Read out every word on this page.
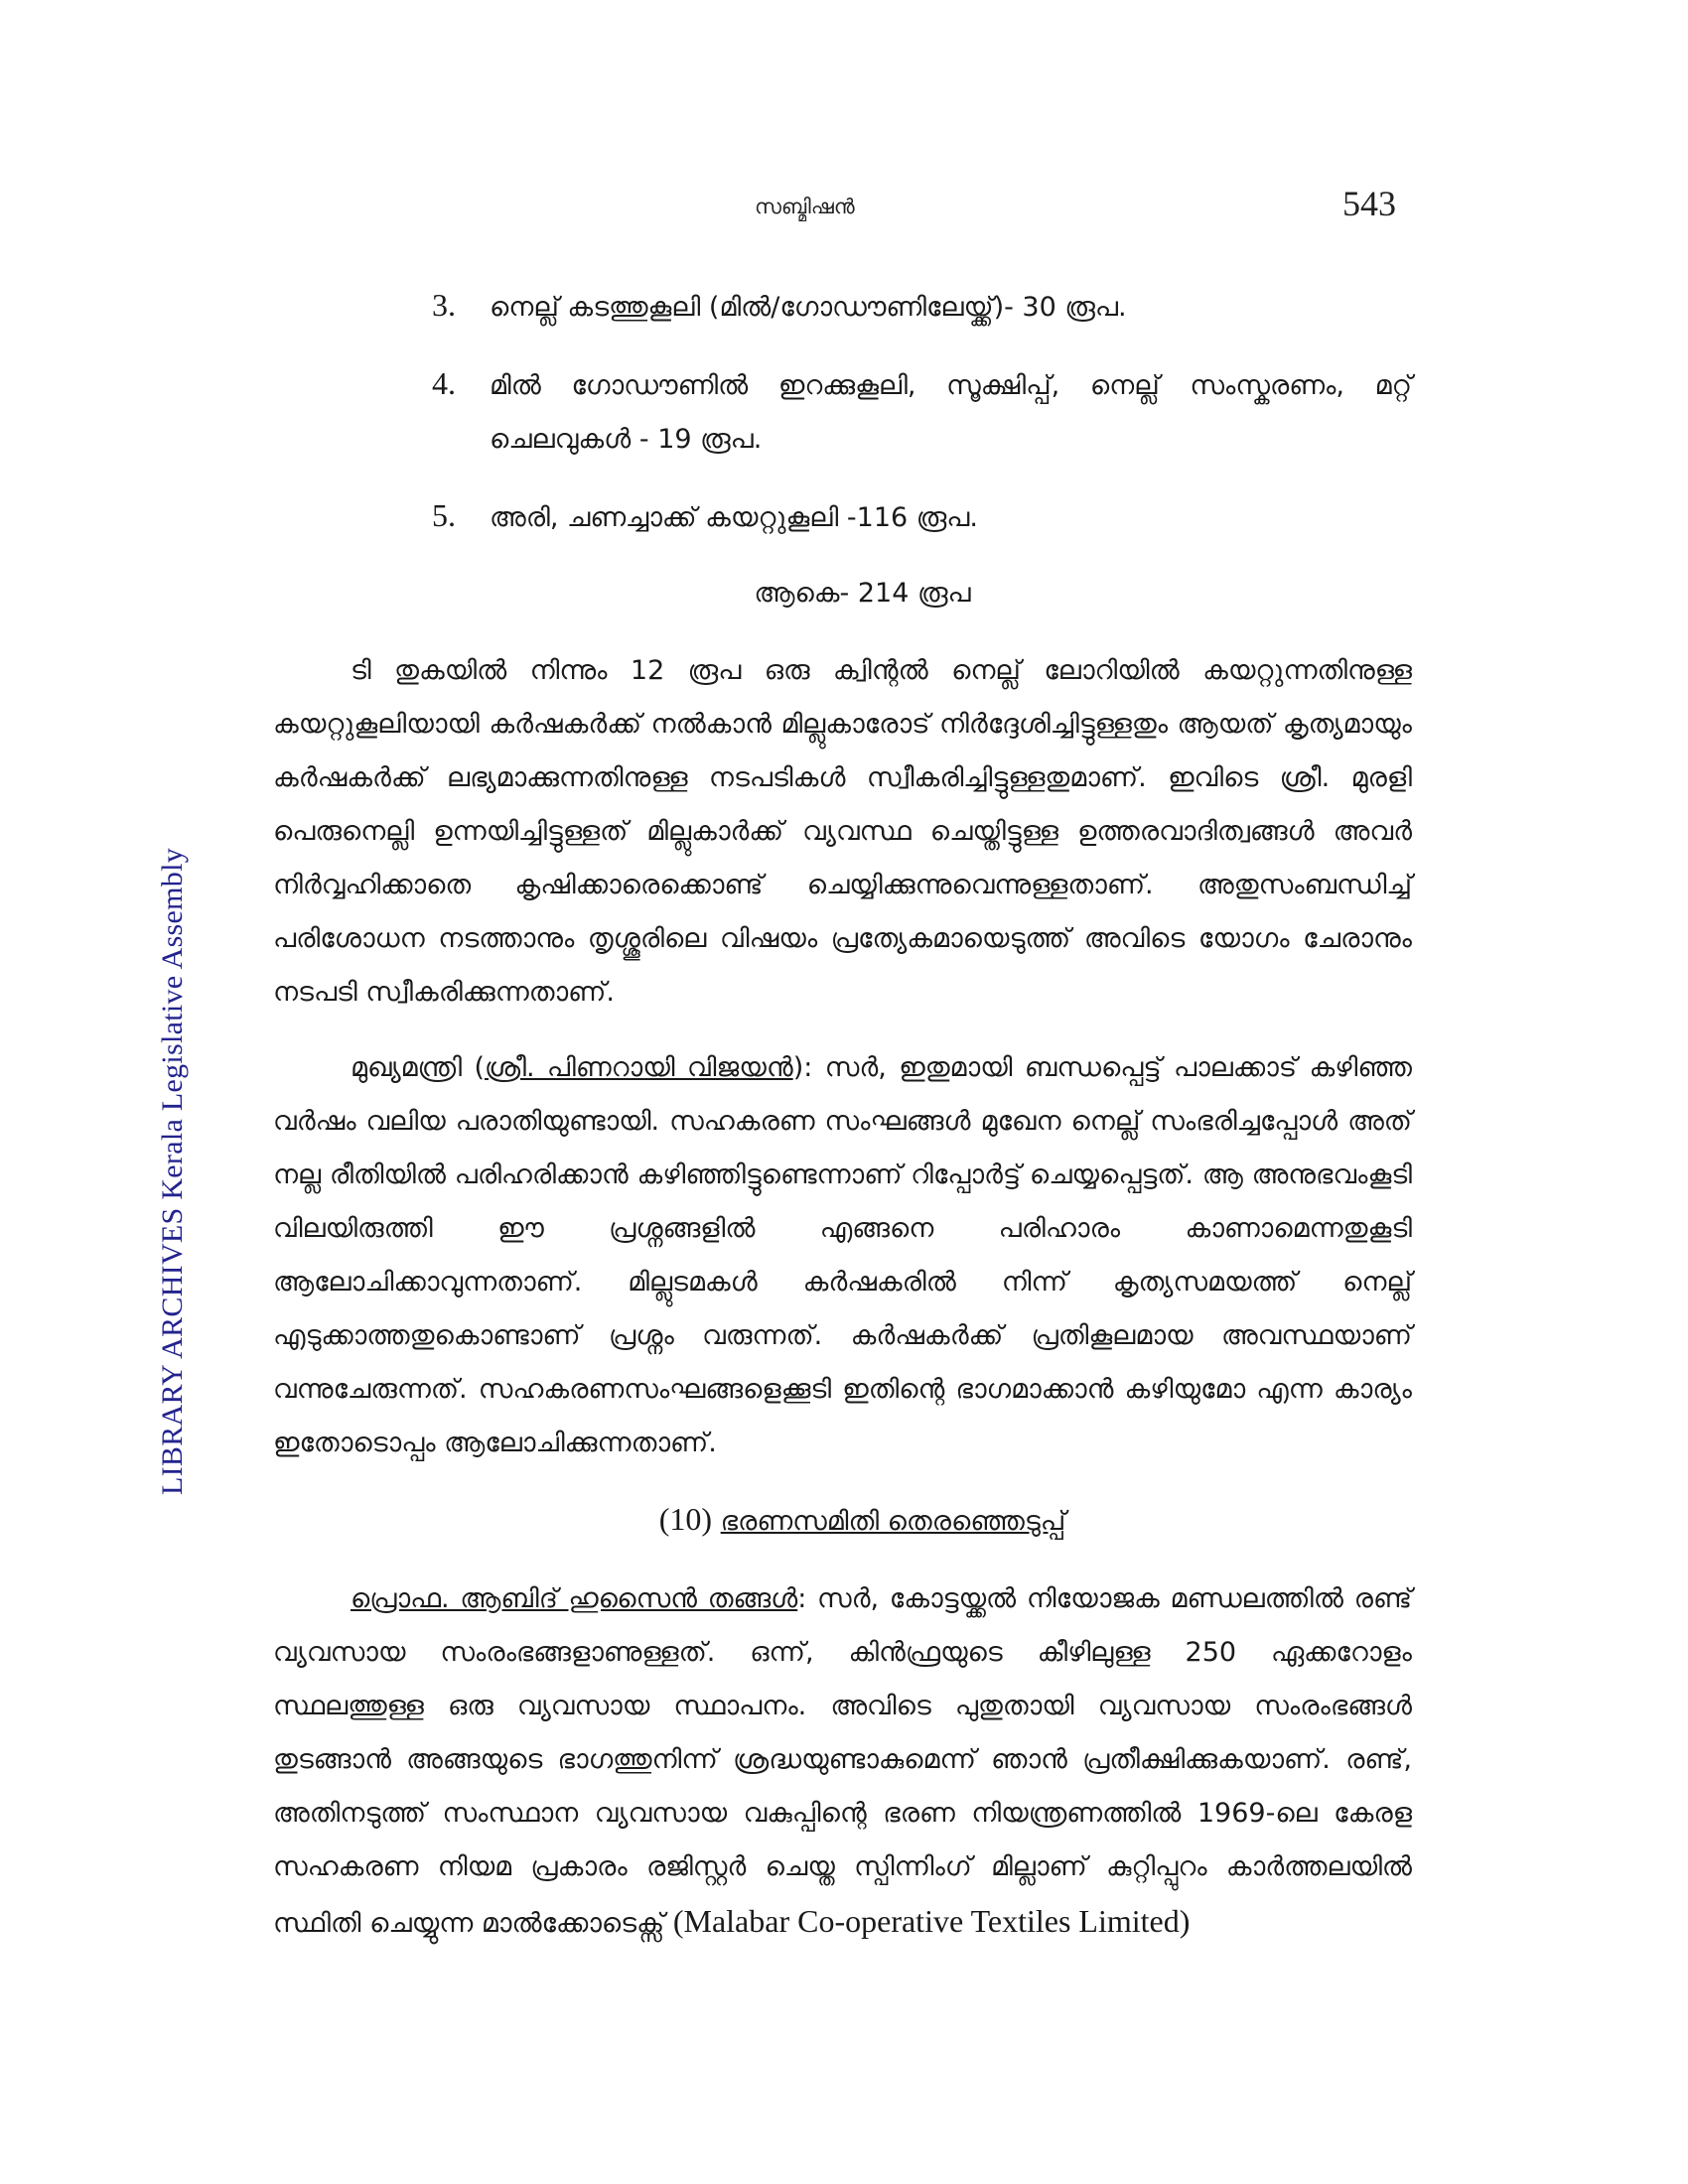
LIBRARY ARCHIVES Kerala Legislative Assembly
സബ്മിഷൻ	543
3.	നെല്ല് കടത്തുകൂലി (മിൽ/ഗോഡൗണിലേയ്ക്ക്)- 30 രൂപ.
4.	മിൽ ഗോഡൗണിൽ ഇറക്കുകൂലി, സൂക്ഷിപ്പ്, നെല്ല് സംസ്കരണം, മറ്റ് ചെലവുകൾ - 19 രൂപ.
5.	അരി, ചണച്ചാക്ക് കയറ്റുകൂലി -116 രൂപ.
ആകെ- 214 രൂപ

ടി തുകയിൽ നിന്നും 12 രൂപ ഒരു ക്വിന്റൽ നെല്ല് ലോറിയിൽ കയറ്റുന്നതിനുള്ള കയറ്റുകൂലിയായി കർഷകർക്ക് നൽകാൻ മില്ലുകാരോട് നിർദ്ദേശിച്ചിട്ടുള്ളതും ആയത് കൃത്യമായും കർഷകർക്ക് ലഭ്യമാക്കുന്നതിനുള്ള നടപടികൾ സ്വീകരിച്ചിട്ടുള്ളതുമാണ്. ഇവിടെ ശ്രീ. മുരളി പെരുനെല്ലി ഉന്നയിച്ചിട്ടുള്ളത് മില്ലുകാർക്ക് വ്യവസ്ഥ ചെയ്തിട്ടുള്ള ഉത്തരവാദിത്വങ്ങൾ അവർ നിർവ്വഹിക്കാതെ കൃഷിക്കാരെക്കൊണ്ട് ചെയ്യിക്കുന്നുവെന്നുള്ളതാണ്. അതുസംബന്ധിച്ച് പരിശോധന നടത്താനും തൃശ്ശൂരിലെ വിഷയം പ്രത്യേകമായെടുത്ത് അവിടെ യോഗം ചേരാനും നടപടി സ്വീകരിക്കുന്നതാണ്.

മുഖ്യമന്ത്രി (ശ്രീ. പിണറായി വിജയൻ): സർ, ഇതുമായി ബന്ധപ്പെട്ട് പാലക്കാട് കഴിഞ്ഞ വർഷം വലിയ പരാതിയുണ്ടായി. സഹകരണ സംഘങ്ങൾ മുഖേന നെല്ല് സംഭരിച്ചപ്പോൾ അത് നല്ല രീതിയിൽ പരിഹരിക്കാൻ കഴിഞ്ഞിട്ടുണ്ടെന്നാണ് റിപ്പോർട്ട് ചെയ്യപ്പെട്ടത്. ആ അനുഭവംകൂടി വിലയിരുത്തി ഈ പ്രശ്നങ്ങളിൽ എങ്ങനെ പരിഹാരം കാണാമെന്നതുകൂടി ആലോചിക്കാവുന്നതാണ്. മില്ലുടമകൾ കർഷകരിൽ നിന്ന് കൃത്യസമയത്ത് നെല്ല് എടുക്കാത്തതുകൊണ്ടാണ് പ്രശ്നം വരുന്നത്. കർഷകർക്ക് പ്രതികൂലമായ അവസ്ഥയാണ് വന്നുചേരുന്നത്. സഹകരണസംഘങ്ങളെക്കൂടി ഇതിന്റെ ഭാഗമാക്കാൻ കഴിയുമോ എന്ന കാര്യം ഇതോടൊപ്പം ആലോചിക്കുന്നതാണ്.

(10) ഭരണസമിതി തെരഞ്ഞെടുപ്പ്

പ്രൊഫ. ആബിദ് ഹുസൈൻ തങ്ങൾ: സർ, കോട്ടയ്ക്കൽ നിയോജക മണ്ഡലത്തിൽ രണ്ട് വ്യവസായ സംരംഭങ്ങളാണുള്ളത്. ഒന്ന്, കിൻഫ്രയുടെ കീഴിലുള്ള 250 ഏക്കറോളം സ്ഥലത്തുള്ള ഒരു വ്യവസായ സ്ഥാപനം. അവിടെ പുതുതായി വ്യവസായ സംരംഭങ്ങൾ തുടങ്ങാൻ അങ്ങയുടെ ഭാഗത്തുനിന്ന് ശ്രദ്ധയുണ്ടാകുമെന്ന് ഞാൻ പ്രതീക്ഷിക്കുകയാണ്. രണ്ട്, അതിനടുത്ത് സംസ്ഥാന വ്യവസായ വകുപ്പിന്റെ ഭരണ നിയന്ത്രണത്തിൽ 1969-ലെ കേരള സഹകരണ നിയമ പ്രകാരം രജിസ്റ്റർ ചെയ്ത സ്പിന്നിംഗ് മില്ലാണ് കുറ്റിപ്പുറം കാർത്തലയിൽ സ്ഥിതി ചെയ്യുന്ന മാൽക്കോടെക്സ് (Malabar Co-operative Textiles Limited)
